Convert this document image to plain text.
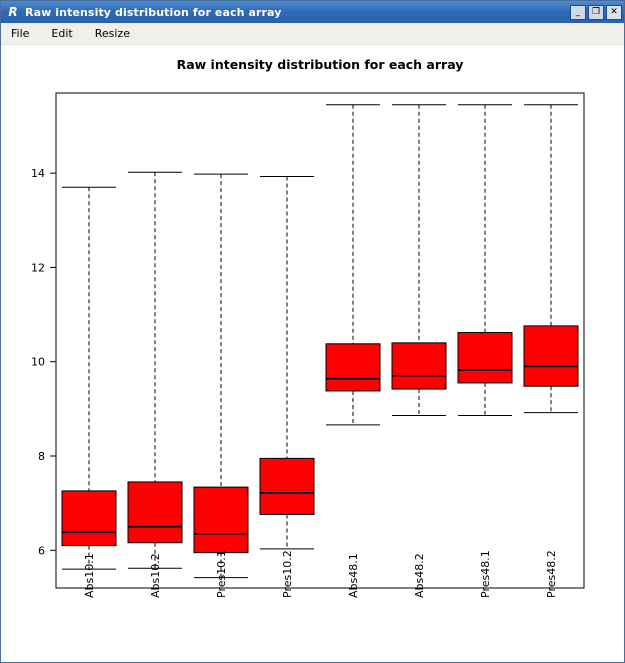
R Raw intensity distribution for each array	_	❐	✕
File	Edit	Resize
Raw intensity distribution for each array
6
8
10
12
14
Abs10.1	Abs10.2	Pres10.1	Pres10.2	Abs48.1	Abs48.2	Pres48.1	Pres48.2
